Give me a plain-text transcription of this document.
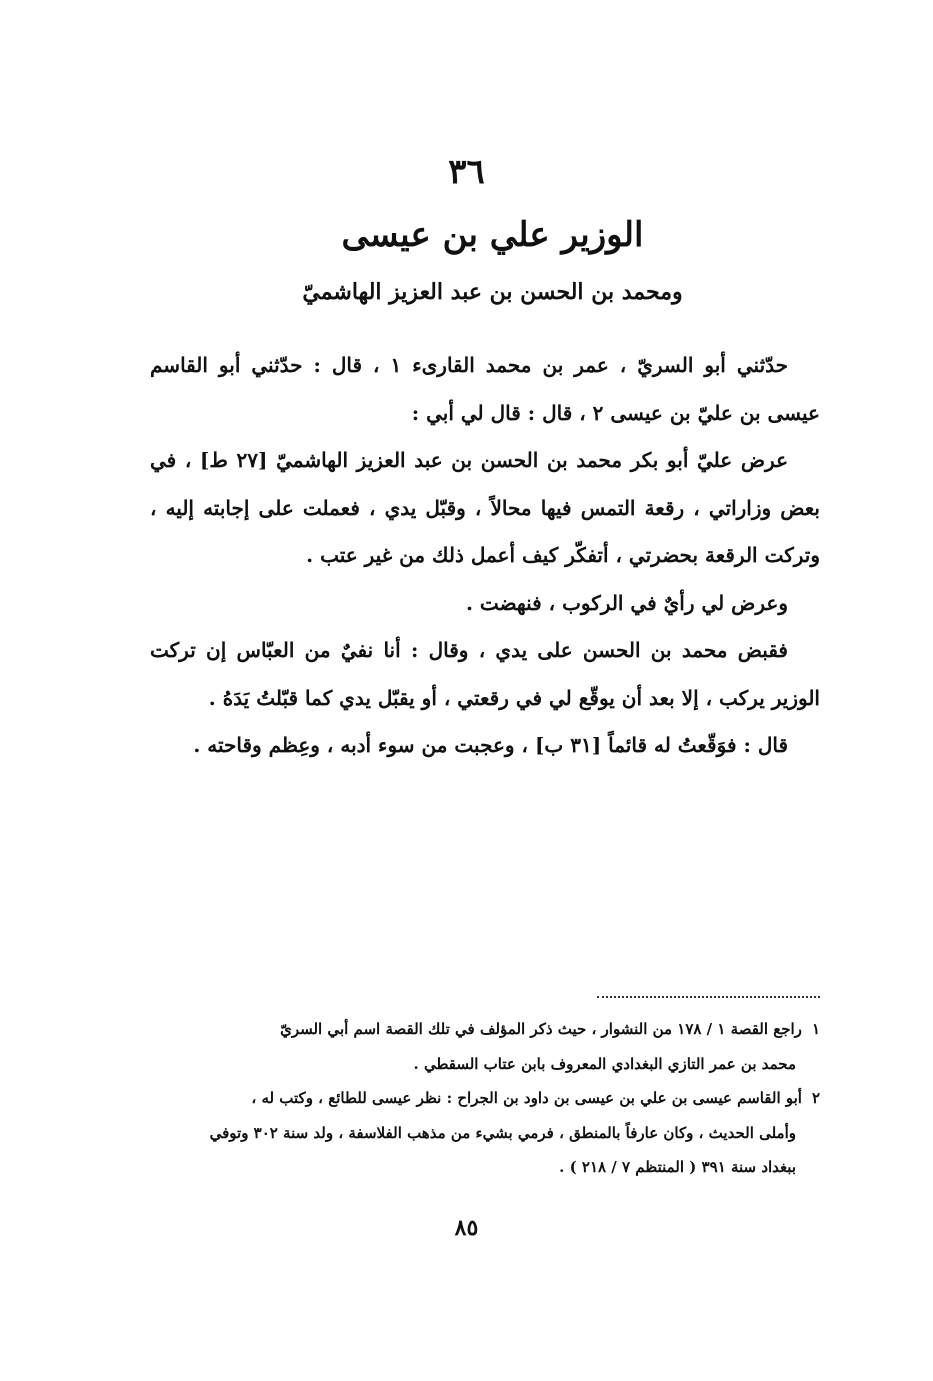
٣٦
الوزير علي بن عيسى
ومحمد بن الحسن بن عبد العزيز الهاشميّ

حدّثني أبو السريّ ، عمر بن محمد القارىء ١ ، قال : حدّثني أبو القاسم عيسى بن عليّ بن عيسى ٢ ، قال : قال لي أبي :

عرض عليّ أبو بكر محمد بن الحسن بن عبد العزيز الهاشميّ [٢٧ ط] ، في بعض وزاراتي ، رقعة التمس فيها محالاً ، وقبّل يدي ، فعملت على إجابته إليه ، وتركت الرقعة بحضرتي ، أتفكّر كيف أعمل ذلك من غير عتب .

وعرض لي رأيٌ في الركوب ، فنهضت .

فقبض محمد بن الحسن على يدي ، وقال : أنا نفيٌ من العبّاس إن تركت الوزير يركب ، إلا بعد أن يوقّع لي في رقعتي ، أو يقبّل يدي كما قبّلتُ يَدَهُ .

قال : فوَقّعتُ له قائماً [٣١ ب] ، وعجبت من سوء أدبه ، وعِظم وقاحته .

١راجع القصة ١ / ١٧٨ من النشوار ، حيث ذكر المؤلف في تلك القصة اسم أبي السريّ

محمد بن عمر التازي البغدادي المعروف بابن عتاب السقطي .

٢أبو القاسم عيسى بن علي بن عيسى بن داود بن الجراح : نظر عيسى للطائع ، وكتب له ،

وأملى الحديث ، وكان عارفاً بالمنطق ، فرمي بشيء من مذهب الفلاسفة ، ولد سنة ٣٠٢ وتوفي

ببغداد سنة ٣٩١ ( المنتظم ٧ / ٢١٨ ) .

٨٥
